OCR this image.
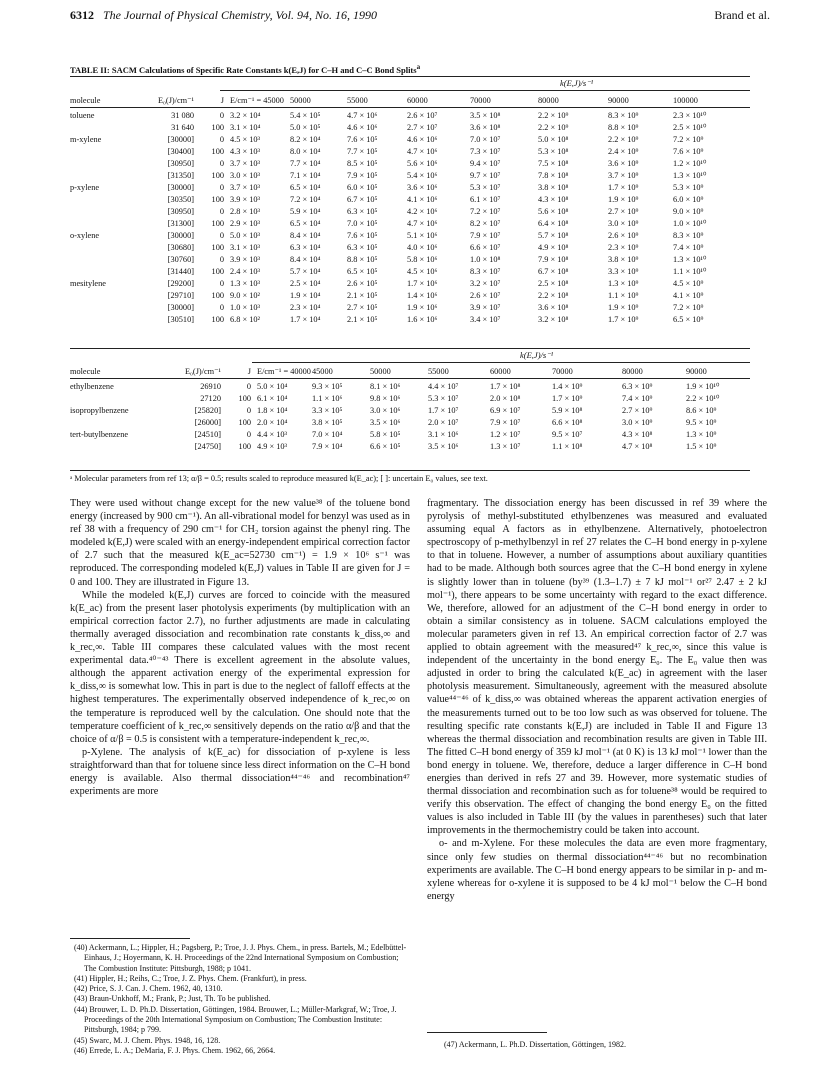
6312 The Journal of Physical Chemistry, Vol. 94, No. 16, 1990	Brand et al.
TABLE II: SACM Calculations of Specific Rate Constants k(E,J) for C–H and C–C Bond Splits$^a$
k(E,J)/s⁻¹
molecule	E₀(J)/cm⁻¹	J	E/cm⁻¹ = 45000	50000	55000	60000	70000	80000	90000	100000
toluene	31 080	0	3.2 × 10⁴	5.4 × 10⁵	4.7 × 10⁶	2.6 × 10⁷	3.5 × 10⁸	2.2 × 10⁹	8.3 × 10⁹	2.3 × 10¹⁰
	31 640	100	3.1 × 10⁴	5.0 × 10⁵	4.6 × 10⁶	2.7 × 10⁷	3.6 × 10⁸	2.2 × 10⁹	8.8 × 10⁹	2.5 × 10¹⁰
m-xylene	[30000]	0	4.5 × 10³	8.2 × 10⁴	7.6 × 10⁵	4.6 × 10⁶	7.0 × 10⁷	5.0 × 10⁸	2.2 × 10⁹	7.2 × 10⁹
	[30400]	100	4.3 × 10³	8.0 × 10⁴	7.7 × 10⁵	4.7 × 10⁶	7.3 × 10⁷	5.3 × 10⁸	2.4 × 10⁹	7.6 × 10⁹
	[30950]	0	3.7 × 10³	7.7 × 10⁴	8.5 × 10⁵	5.6 × 10⁶	9.4 × 10⁷	7.5 × 10⁸	3.6 × 10⁹	1.2 × 10¹⁰
	[31350]	100	3.0 × 10³	7.1 × 10⁴	7.9 × 10⁵	5.4 × 10⁶	9.7 × 10⁷	7.8 × 10⁸	3.7 × 10⁹	1.3 × 10¹⁰
p-xylene	[30000]	0	3.7 × 10³	6.5 × 10⁴	6.0 × 10⁵	3.6 × 10⁶	5.3 × 10⁷	3.8 × 10⁸	1.7 × 10⁹	5.3 × 10⁹
	[30350]	100	3.9 × 10³	7.2 × 10⁴	6.7 × 10⁵	4.1 × 10⁶	6.1 × 10⁷	4.3 × 10⁸	1.9 × 10⁹	6.0 × 10⁹
	[30950]	0	2.8 × 10³	5.9 × 10⁴	6.3 × 10⁵	4.2 × 10⁶	7.2 × 10⁷	5.6 × 10⁸	2.7 × 10⁹	9.0 × 10⁹
	[31300]	100	2.9 × 10³	6.5 × 10⁴	7.0 × 10⁵	4.7 × 10⁶	8.2 × 10⁷	6.4 × 10⁸	3.0 × 10⁹	1.0 × 10¹⁰
o-xylene	[30000]	0	5.0 × 10³	8.4 × 10⁴	7.6 × 10⁵	5.1 × 10⁶	7.9 × 10⁷	5.7 × 10⁸	2.6 × 10⁹	8.3 × 10⁹
	[30680]	100	3.1 × 10³	6.3 × 10⁴	6.3 × 10⁵	4.0 × 10⁶	6.6 × 10⁷	4.9 × 10⁸	2.3 × 10⁹	7.4 × 10⁹
	[30760]	0	3.9 × 10³	8.4 × 10⁴	8.8 × 10⁵	5.8 × 10⁶	1.0 × 10⁸	7.9 × 10⁸	3.8 × 10⁹	1.3 × 10¹⁰
	[31440]	100	2.4 × 10³	5.7 × 10⁴	6.5 × 10⁵	4.5 × 10⁶	8.3 × 10⁷	6.7 × 10⁸	3.3 × 10⁹	1.1 × 10¹⁰
mesitylene	[29200]	0	1.3 × 10³	2.5 × 10⁴	2.6 × 10⁵	1.7 × 10⁶	3.2 × 10⁷	2.5 × 10⁸	1.3 × 10⁹	4.5 × 10⁹
	[29710]	100	9.0 × 10²	1.9 × 10⁴	2.1 × 10⁵	1.4 × 10⁶	2.6 × 10⁷	2.2 × 10⁸	1.1 × 10⁹	4.1 × 10⁹
	[30000]	0	1.0 × 10³	2.3 × 10⁴	2.7 × 10⁵	1.9 × 10⁶	3.9 × 10⁷	3.6 × 10⁸	1.9 × 10⁹	7.2 × 10⁹
	[30510]	100	6.8 × 10²	1.7 × 10⁴	2.1 × 10⁵	1.6 × 10⁶	3.4 × 10⁷	3.2 × 10⁸	1.7 × 10⁹	6.5 × 10⁹
k(E,J)/s⁻¹
molecule	E₀(J)/cm⁻¹	J	E/cm⁻¹ = 40000	45000	50000	55000	60000	70000	80000	90000
ethylbenzene	26910	0	5.0 × 10⁴	9.3 × 10⁵	8.1 × 10⁶	4.4 × 10⁷	1.7 × 10⁸	1.4 × 10⁹	6.3 × 10⁹	1.9 × 10¹⁰
	27120	100	6.1 × 10⁴	1.1 × 10⁶	9.8 × 10⁶	5.3 × 10⁷	2.0 × 10⁸	1.7 × 10⁹	7.4 × 10⁹	2.2 × 10¹⁰
isopropylbenzene	[25820]	0	1.8 × 10⁴	3.3 × 10⁵	3.0 × 10⁶	1.7 × 10⁷	6.9 × 10⁷	5.9 × 10⁸	2.7 × 10⁹	8.6 × 10⁹
	[26000]	100	2.0 × 10⁴	3.8 × 10⁵	3.5 × 10⁶	2.0 × 10⁷	7.9 × 10⁷	6.6 × 10⁸	3.0 × 10⁹	9.5 × 10⁹
tert-butylbenzene	[24510]	0	4.4 × 10³	7.0 × 10⁴	5.8 × 10⁵	3.1 × 10⁶	1.2 × 10⁷	9.5 × 10⁷	4.3 × 10⁸	1.3 × 10⁹
	[24750]	100	4.9 × 10³	7.9 × 10⁴	6.6 × 10⁵	3.5 × 10⁶	1.3 × 10⁷	1.1 × 10⁸	4.7 × 10⁸	1.5 × 10⁹
ᵃ Molecular parameters from ref 13; α/β = 0.5; results scaled to reproduce measured k(E_ac); [ ]: uncertain E₀ values, see text.

They were used without change except for the new value³⁸ of the toluene bond energy (increased by 900 cm⁻¹). An all-vibrational model for benzyl was used as in ref 38 with a frequency of 290 cm⁻¹ for CH₂ torsion against the phenyl ring. The modeled k(E,J) were scaled with an energy-independent empirical correction factor of 2.7 such that the measured k(E_ac=52730 cm⁻¹) = 1.9 × 10⁶ s⁻¹ was reproduced. The corresponding modeled k(E,J) values in Table II are given for J = 0 and 100. They are illustrated in Figure 13.

While the modeled k(E,J) curves are forced to coincide with the measured k(E_ac) from the present laser photolysis experiments (by multiplication with an empirical correction factor 2.7), no further adjustments are made in calculating thermally averaged dissociation and recombination rate constants k_diss,∞ and k_rec,∞. Table III compares these calculated values with the most recent experimental data.⁴⁰⁻⁴³ There is excellent agreement in the absolute values, although the apparent activation energy of the experimental expression for k_diss,∞ is somewhat low. This in part is due to the neglect of falloff effects at the highest temperatures. The experimentally observed independence of k_rec,∞ on the temperature is reproduced well by the calculation. One should note that the temperature coefficient of k_rec,∞ sensitively depends on the ratio α/β and that the choice of α/β = 0.5 is consistent with a temperature-independent k_rec,∞.

p-Xylene. The analysis of k(E_ac) for dissociation of p-xylene is less straightforward than that for toluene since less direct information on the C–H bond energy is available. Also thermal dissociation⁴⁴⁻⁴⁶ and recombination⁴⁷ experiments are more

(40) Ackermann, L.; Hippler, H.; Pagsberg, P.; Troe, J. J. Phys. Chem., in press. Bartels, M.; Edelbüttel-Einhaus, J.; Hoyermann, K. H. Proceedings of the 22nd International Symposium on Combustion; The Combustion Institute: Pittsburgh, 1988; p 1041.
(41) Hippler, H.; Reihs, C.; Troe, J. Z. Phys. Chem. (Frankfurt), in press.
(42) Price, S. J. Can. J. Chem. 1962, 40, 1310.
(43) Braun-Unkhoff, M.; Frank, P.; Just, Th. To be published.
(44) Brouwer, L. D. Ph.D. Dissertation, Göttingen, 1984. Brouwer, L.; Müller-Markgraf, W.; Troe, J. Proceedings of the 20th International Symposium on Combustion; The Combustion Institute: Pittsburgh, 1984; p 799.
(45) Swarc, M. J. Chem. Phys. 1948, 16, 128.
(46) Errede, L. A.; DeMaria, F. J. Phys. Chem. 1962, 66, 2664.

fragmentary. The dissociation energy has been discussed in ref 39 where the pyrolysis of methyl-substituted ethylbenzenes was measured and evaluated assuming equal A factors as in ethylbenzene. Alternatively, photoelectron spectroscopy of p-methylbenzyl in ref 27 relates the C–H bond energy in p-xylene to that in toluene. However, a number of assumptions about auxiliary quantities had to be made. Although both sources agree that the C–H bond energy in xylene is slightly lower than in toluene (by³⁹ (1.3–1.7) ± 7 kJ mol⁻¹ or²⁷ 2.47 ± 2 kJ mol⁻¹), there appears to be some uncertainty with regard to the exact difference. We, therefore, allowed for an adjustment of the C–H bond energy in order to obtain a similar consistency as in toluene. SACM calculations employed the molecular parameters given in ref 13. An empirical correction factor of 2.7 was applied to obtain agreement with the measured⁴⁷ k_rec,∞, since this value is independent of the uncertainty in the bond energy E₀. The E₀ value then was adjusted in order to bring the calculated k(E_ac) in agreement with the laser photolysis measurement. Simultaneously, agreement with the measured absolute value⁴⁴⁻⁴⁶ of k_diss,∞ was obtained whereas the apparent activation energies of the measurements turned out to be too low such as was observed for toluene. The resulting specific rate constants k(E,J) are included in Table II and Figure 13 whereas the thermal dissociation and recombination results are given in Table III. The fitted C–H bond energy of 359 kJ mol⁻¹ (at 0 K) is 13 kJ mol⁻¹ lower than the bond energy in toluene. We, therefore, deduce a larger difference in C–H bond energies than derived in refs 27 and 39. However, more systematic studies of thermal dissociation and recombination such as for toluene³⁸ would be required to verify this observation. The effect of changing the bond energy E₀ on the fitted values is also included in Table III (by the values in parentheses) such that later improvements in the thermochemistry could be taken into account.

o- and m-Xylene. For these molecules the data are even more fragmentary, since only few studies on thermal dissociation⁴⁴⁻⁴⁶ but no recombination experiments are available. The C–H bond energy appears to be similar in p- and m-xylene whereas for o-xylene it is supposed to be 4 kJ mol⁻¹ below the C–H bond energy

(47) Ackermann, L. Ph.D. Dissertation, Göttingen, 1982.
